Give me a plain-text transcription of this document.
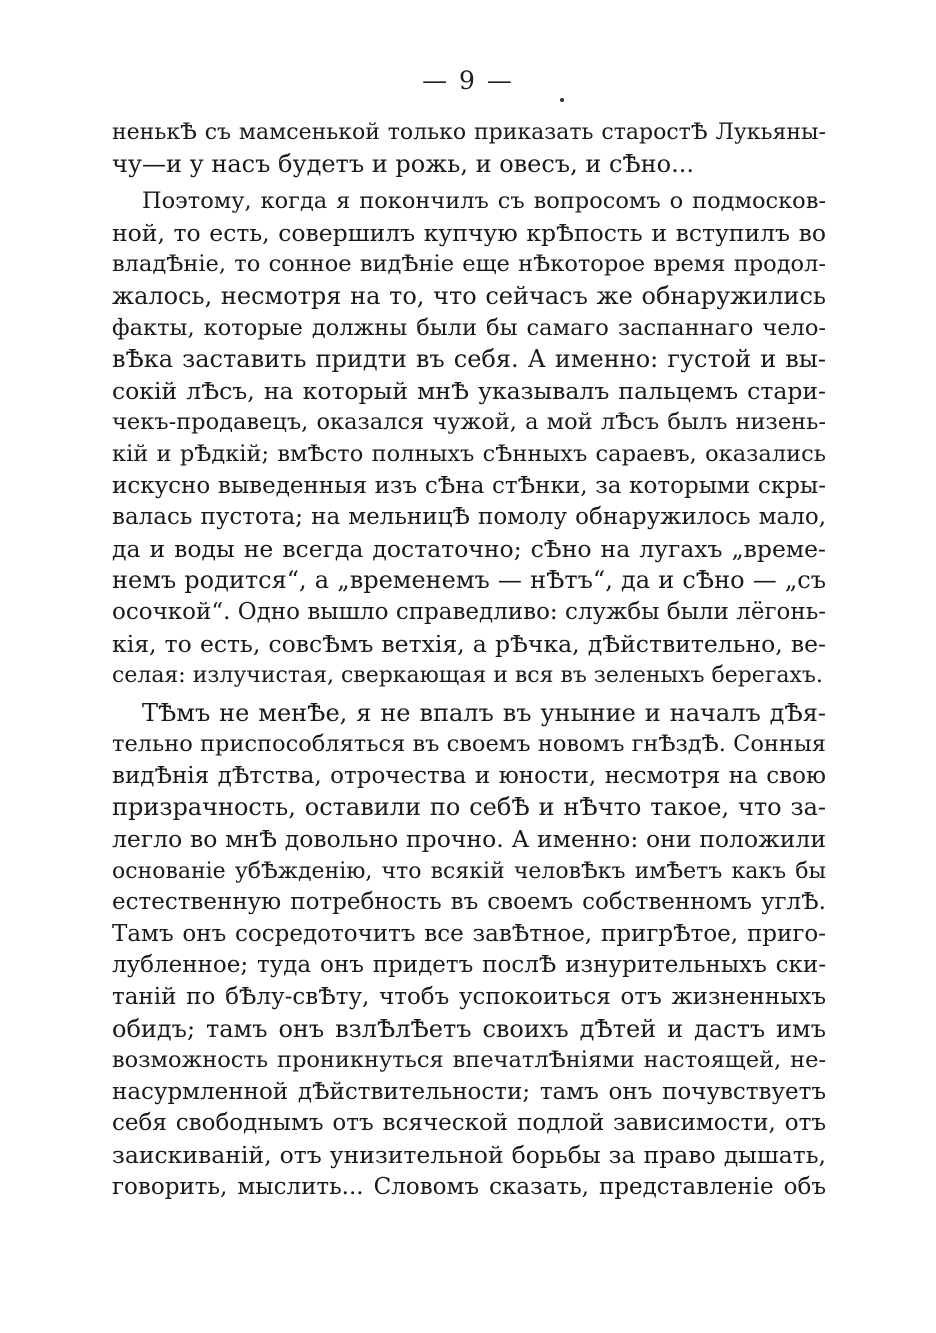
— 9 —
ненькѢ съ мамсенькой только приказать старостѢ Лукьяны-
чу—и у насъ будетъ и рожь, и овесъ, и сѢно...
Поэтому, когда я покончилъ съ вопросомъ о подмосков-
ной, то есть, совершилъ купчую крѢпость и вступилъ во
владѢнiе, то сонное видѢнiе еще нѢкоторое время продол-
жалось, несмотря на то, что сейчасъ же обнаружились
факты, которые должны были бы самаго заспаннаго чело-
вѢка заставить придти въ себя. А именно: густой и вы-
сокiй лѢсъ, на который мнѢ указывалъ пальцемъ стари-
чекъ-продавецъ, оказался чужой, а мой лѢсъ былъ низень-
кiй и рѢдкiй; вмѢсто полныхъ сѢнныхъ сараевъ, оказались
искусно выведенныя изъ сѢна стѢнки, за которыми скры-
валась пустота; на мельницѢ помолу обнаружилось мало,
да и воды не всегда достаточно; сѢно на лугахъ „време-
немъ родится“, а „временемъ — нѢтъ“, да и сѢно — „съ
осочкой“. Одно вышло справедливо: службы были лёгонь-
кiя, то есть, совсѢмъ ветхiя, а рѢчка, дѢйствительно, ве-
селая: излучистая, сверкающая и вся въ зеленыхъ берегахъ.
ТѢмъ не менѢе, я не впалъ въ уныние и началъ дѢя-
тельно приспособляться въ своемъ новомъ гнѢздѢ. Сонныя
видѢнiя дѢтства, отрочества и юности, несмотря на свою
призрачность, оставили по себѢ и нѢчто такое, что за-
легло во мнѢ довольно прочно. А именно: они положили
основанiе убѢжденiю, что всякiй человѢкъ имѢетъ какъ бы
естественную потребность въ своемъ собственномъ углѢ.
Тамъ онъ сосредоточитъ все завѢтное, пригрѢтое, приго-
лубленное; туда онъ придетъ послѢ изнурительныхъ ски-
танiй по бѢлу-свѢту, чтобъ успокоиться отъ жизненныхъ
обидъ; тамъ онъ взлѢлѢетъ своихъ дѢтей и дастъ имъ
возможность проникнуться впечатлѢнiями настоящей, не-
насурмленной дѢйствительности; тамъ онъ почувствуетъ
себя свободнымъ отъ всяческой подлой зависимости, отъ
заискиванiй, отъ унизительной борьбы за право дышать,
говорить, мыслить... Словомъ сказать, представленiе объ
